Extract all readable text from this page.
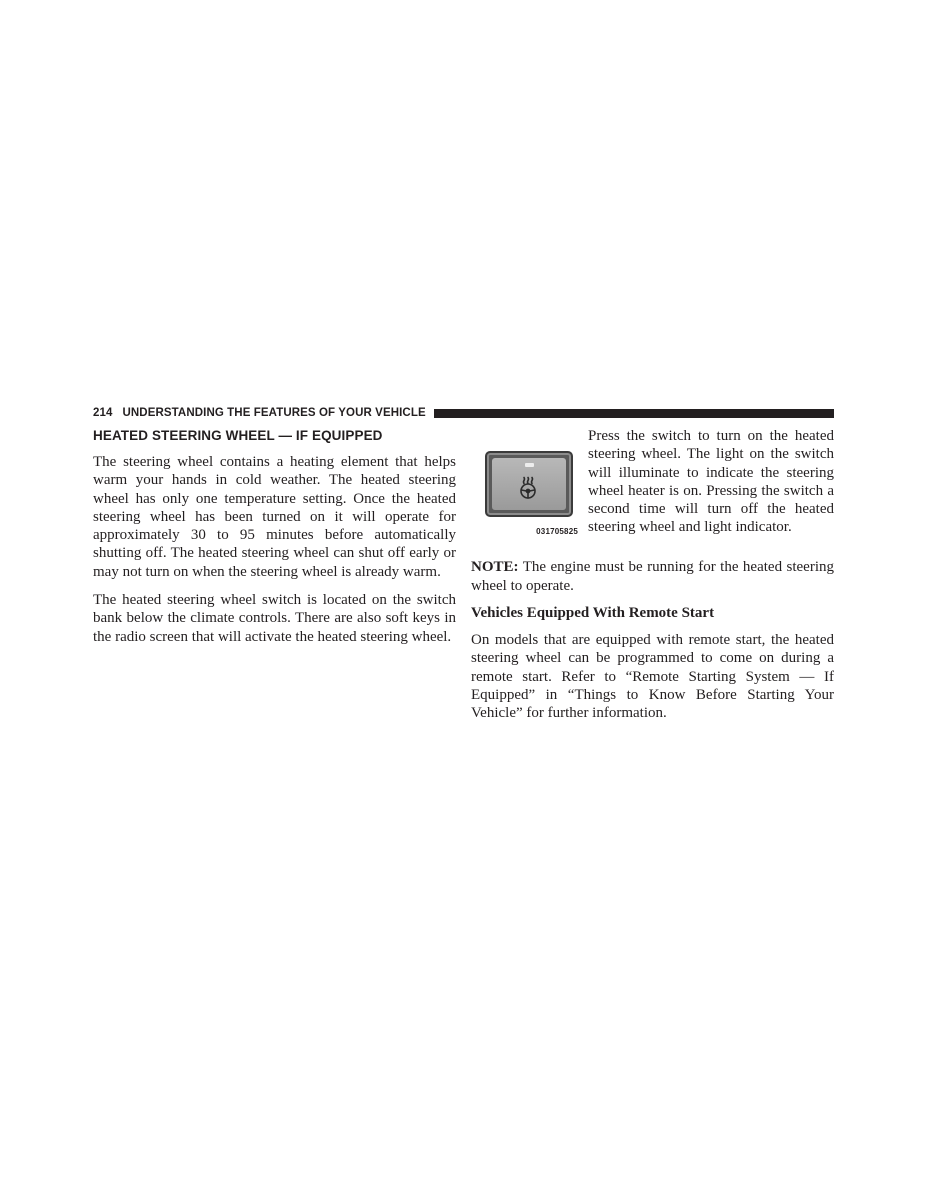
214 UNDERSTANDING THE FEATURES OF YOUR VEHICLE
HEATED STEERING WHEEL — IF EQUIPPED

The steering wheel contains a heating element that helps warm your hands in cold weather. The heated steering wheel has only one temperature setting. Once the heated steering wheel has been turned on it will operate for approximately 30 to 95 minutes before automatically shutting off. The heated steering wheel can shut off early or may not turn on when the steering wheel is already warm.

The heated steering wheel switch is located on the switch bank below the climate controls. There are also soft keys in the radio screen that will activate the heated steering wheel.

031705825

Press the switch to turn on the heated steering wheel. The light on the switch will illuminate to indicate the steering wheel heater is on. Pressing the switch a second time will turn off the heated steering wheel and light indicator.

NOTE: The engine must be running for the heated steering wheel to operate.

Vehicles Equipped With Remote Start

On models that are equipped with remote start, the heated steering wheel can be programmed to come on during a remote start. Refer to “Remote Starting System — If Equipped” in “Things to Know Before Starting Your Vehicle” for further information.
